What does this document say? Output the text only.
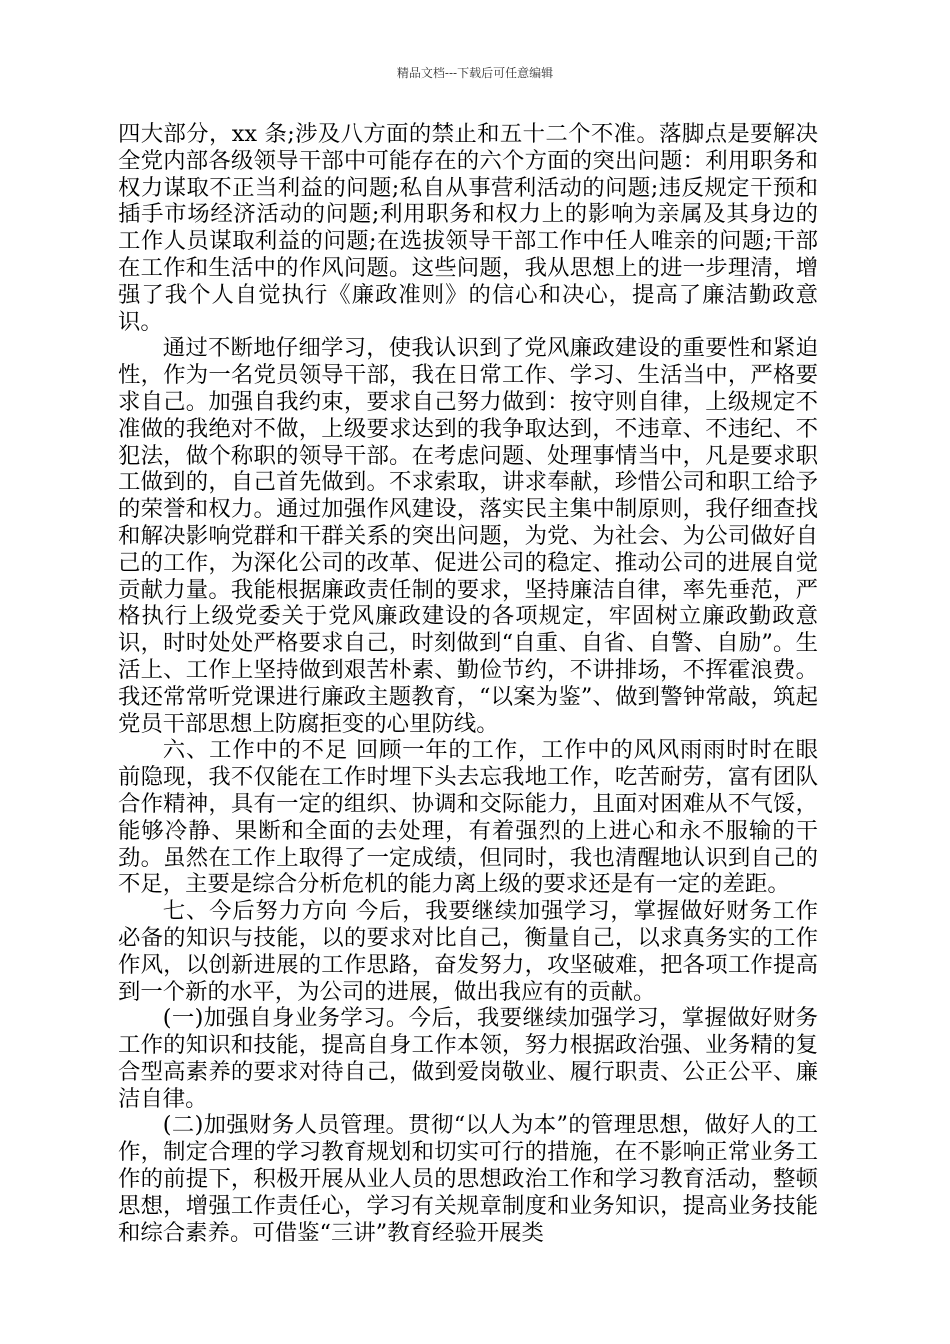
精品文档---下载后可任意编辑

四大部分，xx 条;涉及八方面的禁止和五十二个不准。落脚点是要解决全党内部各级领导干部中可能存在的六个方面的突出问题：利用职务和权力谋取不正当利益的问题;私自从事营利活动的问题;违反规定干预和插手市场经济活动的问题;利用职务和权力上的影响为亲属及其身边的工作人员谋取利益的问题;在选拔领导干部工作中任人唯亲的问题;干部在工作和生活中的作风问题。这些问题，我从思想上的进一步理清，增强了我个人自觉执行《廉政准则》的信心和决心，提高了廉洁勤政意识。

通过不断地仔细学习，使我认识到了党风廉政建设的重要性和紧迫性，作为一名党员领导干部，我在日常工作、学习、生活当中，严格要求自己。加强自我约束，要求自己努力做到：按守则自律，上级规定不准做的我绝对不做，上级要求达到的我争取达到，不违章、不违纪、不犯法，做个称职的领导干部。在考虑问题、处理事情当中，凡是要求职工做到的，自己首先做到。不求索取，讲求奉献，珍惜公司和职工给予的荣誉和权力。通过加强作风建设，落实民主集中制原则，我仔细查找和解决影响党群和干群关系的突出问题，为党、为社会、为公司做好自己的工作，为深化公司的改革、促进公司的稳定、推动公司的进展自觉贡献力量。我能根据廉政责任制的要求，坚持廉洁自律，率先垂范，严格执行上级党委关于党风廉政建设的各项规定，牢固树立廉政勤政意识，时时处处严格要求自己，时刻做到“自重、自省、自警、自励”。生活上、工作上坚持做到艰苦朴素、勤俭节约，不讲排场，不挥霍浪费。我还常常听党课进行廉政主题教育，“以案为鉴”、做到警钟常敲，筑起党员干部思想上防腐拒变的心里防线。

六、工作中的不足 回顾一年的工作，工作中的风风雨雨时时在眼前隐现，我不仅能在工作时埋下头去忘我地工作，吃苦耐劳，富有团队合作精神，具有一定的组织、协调和交际能力，且面对困难从不气馁，能够冷静、果断和全面的去处理，有着强烈的上进心和永不服输的干劲。虽然在工作上取得了一定成绩，但同时，我也清醒地认识到自己的不足，主要是综合分析危机的能力离上级的要求还是有一定的差距。

七、今后努力方向 今后，我要继续加强学习，掌握做好财务工作必备的知识与技能，以的要求对比自己，衡量自己，以求真务实的工作作风，以创新进展的工作思路，奋发努力，攻坚破难，把各项工作提高到一个新的水平，为公司的进展，做出我应有的贡献。

(一)加强自身业务学习。今后，我要继续加强学习，掌握做好财务工作的知识和技能，提高自身工作本领，努力根据政治强、业务精的复合型高素养的要求对待自己，做到爱岗敬业、履行职责、公正公平、廉洁自律。

(二)加强财务人员管理。贯彻“以人为本”的管理思想，做好人的工作，制定合理的学习教育规划和切实可行的措施，在不影响正常业务工作的前提下，积极开展从业人员的思想政治工作和学习教育活动，整顿思想，增强工作责任心，学习有关规章制度和业务知识，提高业务技能和综合素养。可借鉴“三讲”教育经验开展类
